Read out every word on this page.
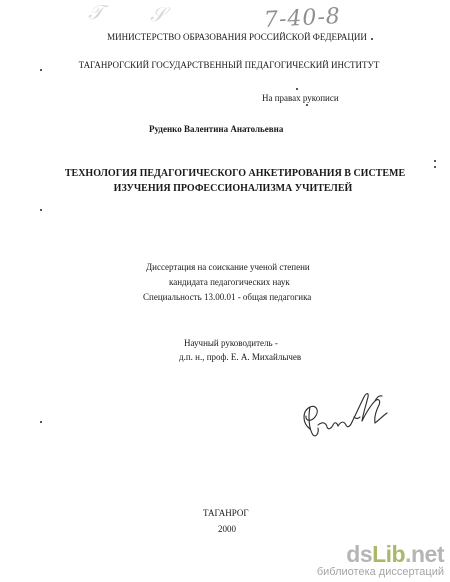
𝒯 𝒮	7-40-8
МИНИСТЕРСТВО ОБРАЗОВАНИЯ РОССИЙСКОЙ ФЕДЕРАЦИИ
ТАГАНРОГСКИЙ ГОСУДАРСТВЕННЫЙ ПЕДАГОГИЧЕСКИЙ ИНСТИТУТ
На правах рукописи
Руденко Валентина Анатольевна
ТЕХНОЛОГИЯ ПЕДАГОГИЧЕСКОГО АНКЕТИРОВАНИЯ В СИСТЕМЕ
ИЗУЧЕНИЯ ПРОФЕССИОНАЛИЗМА УЧИТЕЛЕЙ
Диссертация на соискание ученой степени
кандидата педагогических наук
Специальность 13.00.01 - общая педагогика
Научный руководитель -
д.п. н., проф. Е. А. Михайлычев
ТАГАНРОГ
2000
dsLib.net
библиотека диссертаций
